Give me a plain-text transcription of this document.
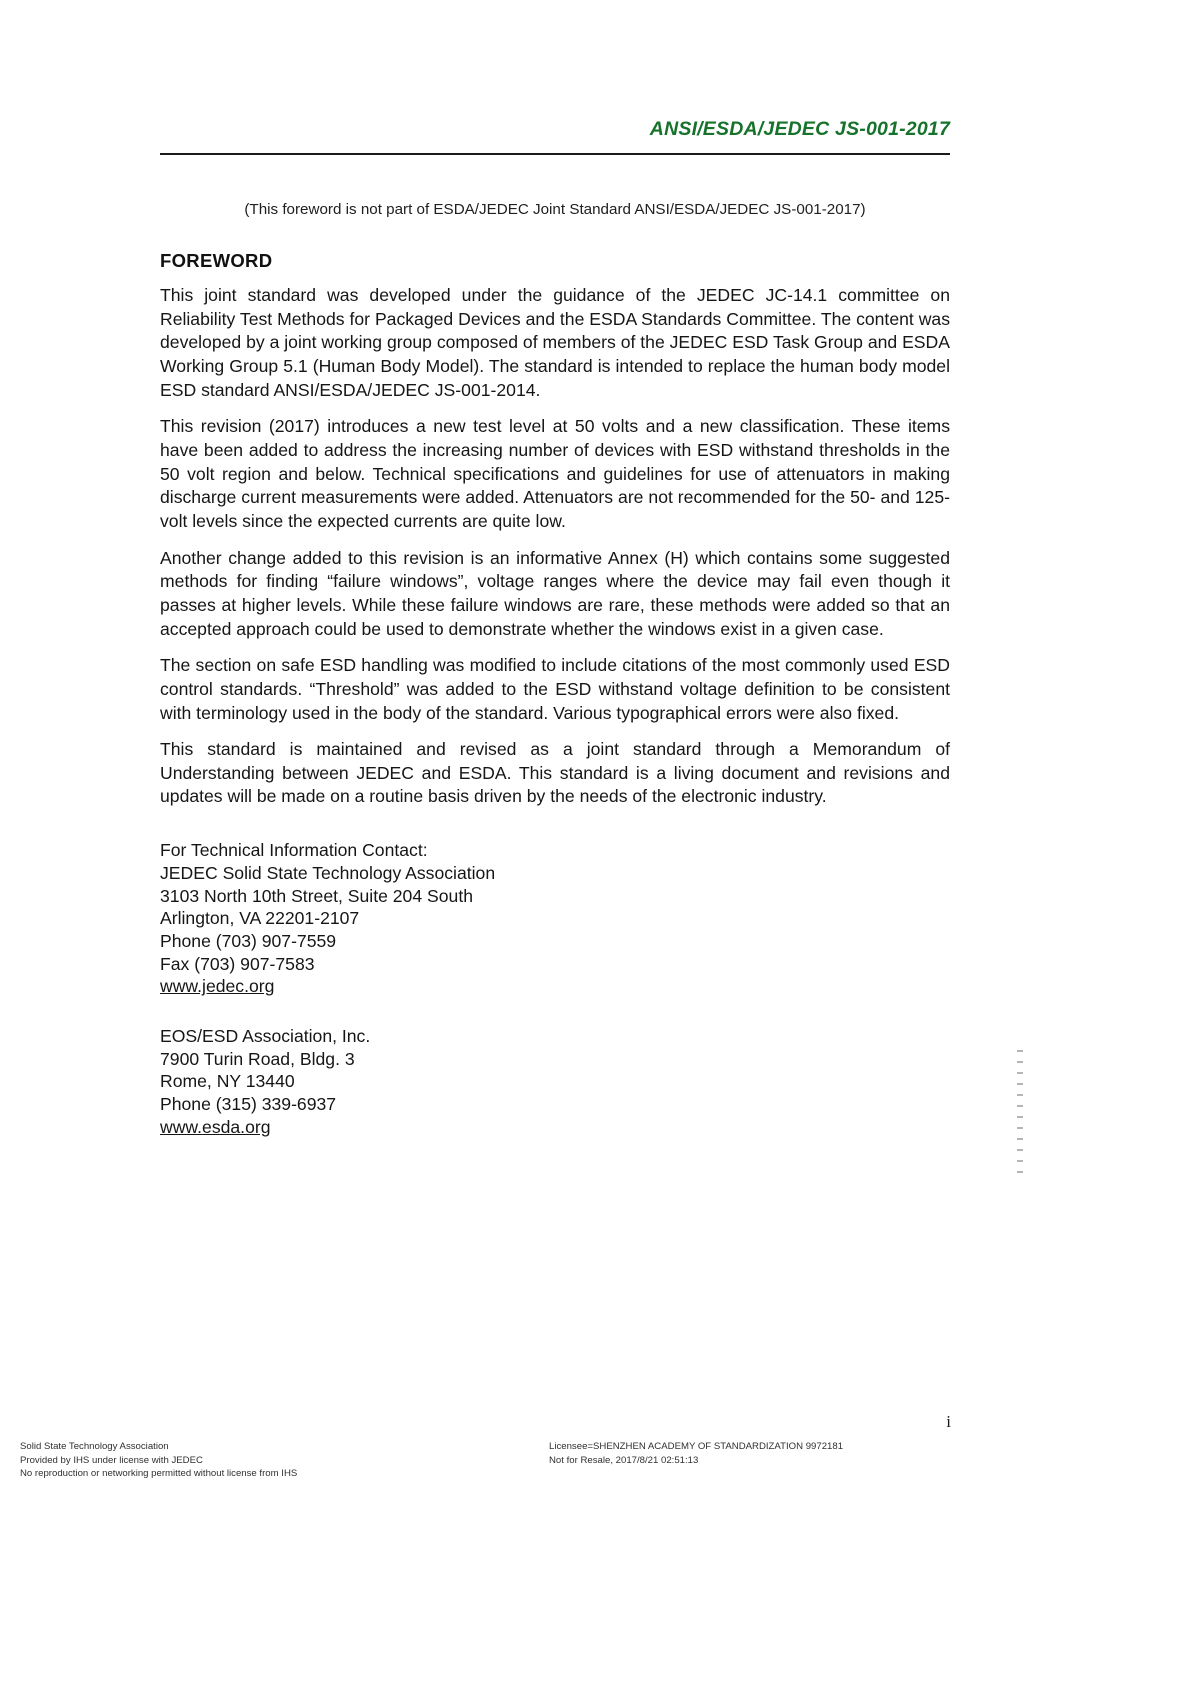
ANSI/ESDA/JEDEC JS-001-2017
(This foreword is not part of ESDA/JEDEC Joint Standard ANSI/ESDA/JEDEC JS-001-2017)
FOREWORD

This joint standard was developed under the guidance of the JEDEC JC-14.1 committee on Reliability Test Methods for Packaged Devices and the ESDA Standards Committee. The content was developed by a joint working group composed of members of the JEDEC ESD Task Group and ESDA Working Group 5.1 (Human Body Model). The standard is intended to replace the human body model ESD standard ANSI/ESDA/JEDEC JS-001-2014.

This revision (2017) introduces a new test level at 50 volts and a new classification. These items have been added to address the increasing number of devices with ESD withstand thresholds in the 50 volt region and below. Technical specifications and guidelines for use of attenuators in making discharge current measurements were added. Attenuators are not recommended for the 50- and 125-volt levels since the expected currents are quite low.

Another change added to this revision is an informative Annex (H) which contains some suggested methods for finding “failure windows”, voltage ranges where the device may fail even though it passes at higher levels. While these failure windows are rare, these methods were added so that an accepted approach could be used to demonstrate whether the windows exist in a given case.

The section on safe ESD handling was modified to include citations of the most commonly used ESD control standards. “Threshold” was added to the ESD withstand voltage definition to be consistent with terminology used in the body of the standard. Various typographical errors were also fixed.

This standard is maintained and revised as a joint standard through a Memorandum of Understanding between JEDEC and ESDA. This standard is a living document and revisions and updates will be made on a routine basis driven by the needs of the electronic industry.

For Technical Information Contact:
JEDEC Solid State Technology Association
3103 North 10th Street, Suite 204 South
Arlington, VA 22201-2107
Phone (703) 907-7559
Fax (703) 907-7583
www.jedec.org
EOS/ESD Association, Inc.
7900 Turin Road, Bldg. 3
Rome, NY 13440
Phone (315) 339-6937
www.esda.org
i
Solid State Technology Association
Provided by IHS under license with JEDEC
No reproduction or networking permitted without license from IHS
Licensee=SHENZHEN ACADEMY OF STANDARDIZATION 9972181
Not for Resale, 2017/8/21 02:51:13
